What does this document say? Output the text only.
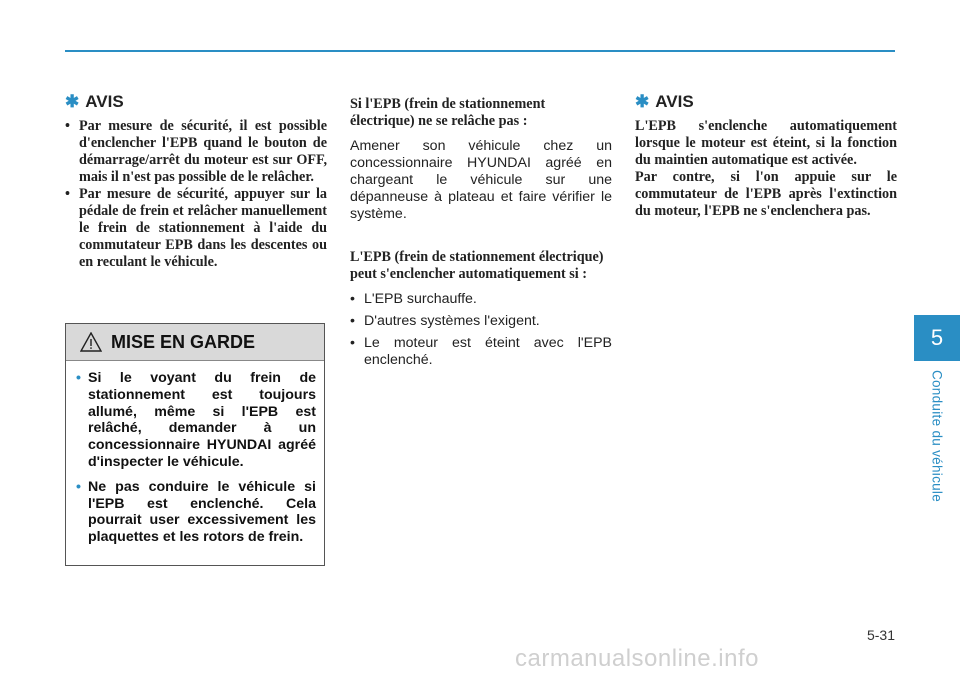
✱ AVIS
• Par mesure de sécurité, il est possible d'enclencher l'EPB quand le bouton de démarrage/arrêt du moteur est sur OFF, mais il n'est pas possible de le relâcher.
• Par mesure de sécurité, appuyer sur la pédale de frein et relâcher manuellement le frein de stationnement à l'aide du commutateur EPB dans les descentes ou en reculant le véhicule.
MISE EN GARDE
• Si le voyant du frein de stationnement est toujours allumé, même si l'EPB est relâché, demander à un concessionnaire HYUNDAI agréé d'inspecter le véhicule.
• Ne pas conduire le véhicule si l'EPB est enclenché. Cela pourrait user excessivement les plaquettes et les rotors de frein.

Si l'EPB (frein de stationnement électrique) ne se relâche pas :

Amener son véhicule chez un concessionnaire HYUNDAI agréé en chargeant le véhicule sur une dépanneuse à plateau et faire vérifier le système.

L'EPB (frein de stationnement électrique) peut s'enclencher automatiquement si :

• L'EPB surchauffe.
• D'autres systèmes l'exigent.
• Le moteur est éteint avec l'EPB enclenché.
✱ AVIS

L'EPB s'enclenche automatiquement lorsque le moteur est éteint, si la fonction du maintien automatique est activée.

Par contre, si l'on appuie sur le commutateur de l'EPB après l'extinction du moteur, l'EPB ne s'enclenchera pas.

5
Conduite du véhicule
5-31
carmanualsonline.info
